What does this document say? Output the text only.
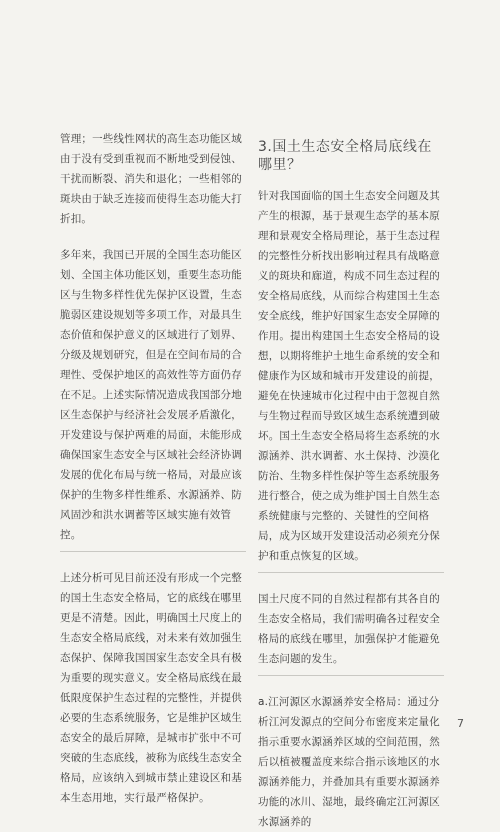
管理；一些线性网状的高生态功能区域由于没有受到重视而不断地受到侵蚀、干扰而断裂、消失和退化；一些相邻的斑块由于缺乏连接而使得生态功能大打折扣。

多年来，我国已开展的全国生态功能区划、全国主体功能区划，重要生态功能区与生物多样性优先保护区设置，生态脆弱区建设规划等多项工作，对最具生态价值和保护意义的区域进行了划界、分级及规划研究，但是在空间布局的合理性、受保护地区的高效性等方面仍存在不足。上述实际情况造成我国部分地区生态保护与经济社会发展矛盾激化，开发建设与保护两难的局面，未能形成确保国家生态安全与区域社会经济协调发展的优化布局与统一格局，对最应该保护的生物多样性维系、水源涵养、防风固沙和洪水调蓄等区域实施有效管控。

上述分析可见目前还没有形成一个完整的国土生态安全格局，它的底线在哪里更是不清楚。因此，明确国土尺度上的生态安全格局底线，对未来有效加强生态保护、保障我国国家生态安全具有极为重要的现实意义。安全格局底线在最低限度保护生态过程的完整性，并提供必要的生态系统服务，它是维护区域生态安全的最后屏障，是城市扩张中不可突破的生态底线，被称为底线生态安全格局，应该纳入到城市禁止建设区和基本生态用地，实行最严格保护。

3.国土生态安全格局底线在哪里？

针对我国面临的国土生态安全问题及其产生的根源，基于景观生态学的基本原理和景观安全格局理论，基于生态过程的完整性分析找出影响过程具有战略意义的斑块和廊道，构成不同生态过程的安全格局底线，从而综合构建国土生态安全底线，维护好国家生态安全屏障的作用。提出构建国土生态安全格局的设想，以期将维护土地生命系统的安全和健康作为区域和城市开发建设的前提，避免在快速城市化过程中由于忽视自然与生物过程而导致区域生态系统遭到破坏。国土生态安全格局将生态系统的水源涵养、洪水调蓄、水土保持、沙漠化防治、生物多样性保护等生态系统服务进行整合，使之成为维护国土自然生态系统健康与完整的、关键性的空间格局，成为区域开发建设活动必须充分保护和重点恢复的区域。

国土尺度不同的自然过程都有其各自的生态安全格局，我们需明确各过程安全格局的底线在哪里，加强保护才能避免生态问题的发生。

a.江河源区水源涵养安全格局：通过分析江河发源点的空间分布密度来定量化指示重要水源涵养区域的空间范围，然后以植被覆盖度来综合指示该地区的水源涵养能力，并叠加具有重要水源涵养功能的冰川、湿地，最终确定江河源区水源涵养的

7
